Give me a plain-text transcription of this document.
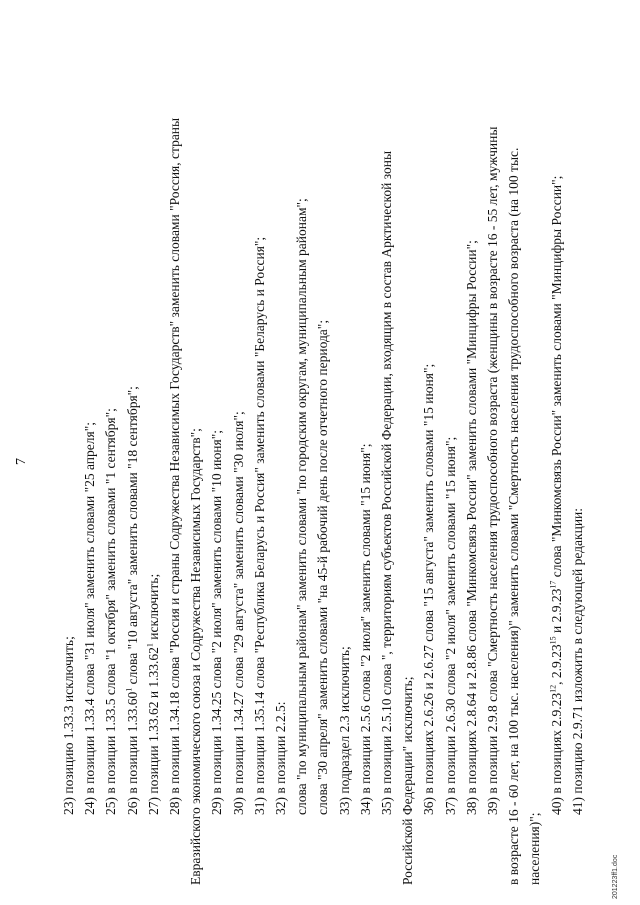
7
23) позицию 1.33.3 исключить; 24) в позиции 1.33.4 слова "31 июля" заменить словами "25 апреля"; 25) в позиции 1.33.5 слова "1 октября" заменить словами "1 сентября"; 26) в позиции 1.33.60$^1$ слова "10 августа" заменить словами "18 сентября";
27) позиции 1.33.62 и 1.33.62$^1$ исключить; 28) в позиции 1.34.18 слова "Россия и страны Содружества Независимых Государств" заменить словами "Россия, страны Евразийского экономического союза и Содружества Независимых Государств"; 29) в позиции 1.34.25 слова "2 июля" заменить словами "10 июня"; 30) в позиции 1.34.27 слова "29 августа" заменить словами "30 июля"; 31) в позиции 1.35.14 слова "Республика Беларусь и Россия" заменить словами "Беларусь и Россия"; 32) в позиции 2.2.5: слова "по муниципальным районам" заменить словами "по городским округам, муниципальным районам"; слова "30 апреля" заменить словами "на 45-й рабочий день после отчетного периода"; 33) подраздел 2.3 исключить; 34) в позиции 2.5.6 слова "2 июля" заменить словами "15 июня"; 35) в позиции 2.5.10 слова ", территориям субъектов Российской Федерации, входящим в состав Арктической зоны Российской Федерации" исключить; 36) в позициях 2.6.26 и 2.6.27 слова "15 августа" заменить словами "15 июня"; 37) в позиции 2.6.30 слова "2 июля" заменить словами "15 июня"; 38) в позициях 2.8.64 и 2.8.86 слова "Минкомсвязь России" заменить словами "Минцифры России"; 39) в позиции 2.9.8 слова "Смертность населения трудоспособного возраста (женщины в возрасте 16 - 55 лет, мужчины в возрасте 16 - 60 лет, на 100 тыс. населения)" заменить словами "Смертность населения трудоспособного возраста (на 100 тыс. населения)";
40) в позициях 2.9.23$^{12}$, 2.9.23$^{15}$ и 2.9.23$^{17}$ слова "Минкомсвязь России" заменить словами "Минцифры России";
41) позицию 2.9.71 изложить в следующей редакции:
201223ff1.doc
